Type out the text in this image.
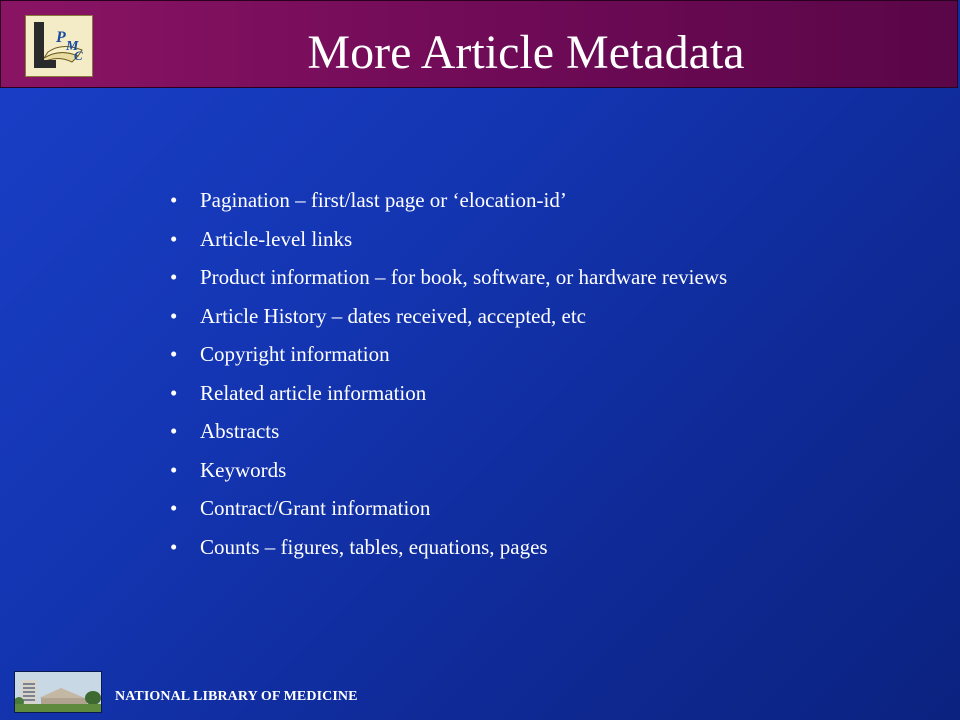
P
M
C	More Article Metadata
•	Pagination – first/last page or ‘elocation-id’
•	Article-level links
•	Product information – for book, software, or hardware reviews
•	Article History – dates received, accepted, etc
•	Copyright information
•	Related article information
•	Abstracts
•	Keywords
•	Contract/Grant information
•	Counts – figures, tables, equations, pages
NATIONAL LIBRARY OF MEDICINE
